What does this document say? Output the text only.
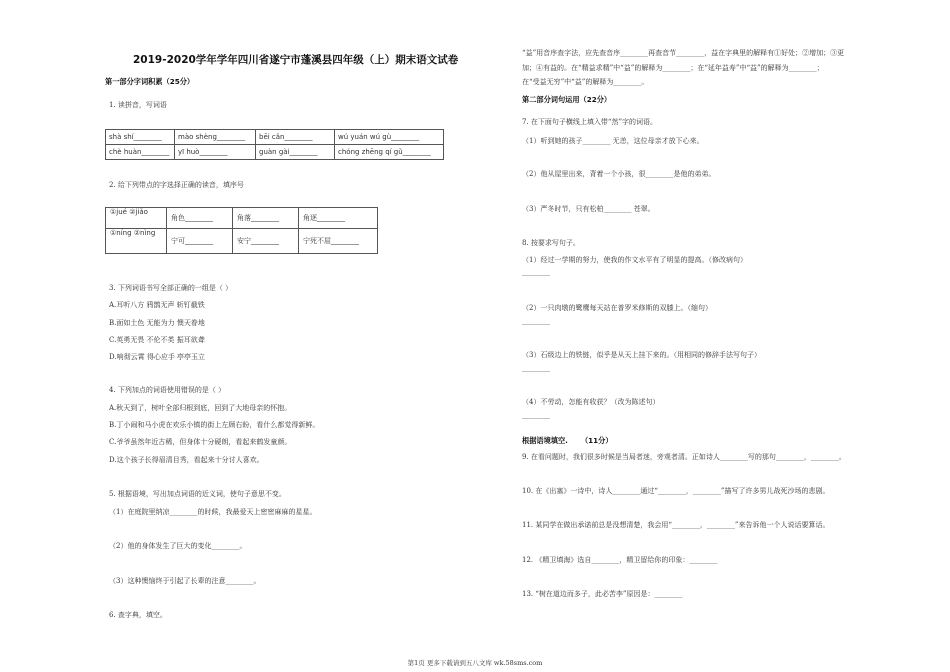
2019-2020学年学年四川省遂宁市蓬溪县四年级（上）期末语文试卷
第一部分字词积累（25分）
1. 读拼音，写词语
shà shí________	mào shèng________	bēi cǎn________	wú yuán wú gù________
chè huàn________	yī huò________	guàn gài________	chóng zhēng qí gǔ________
2. 给下列带点的字选择正确的读音，填序号
①jué ②jiǎo	角色________	角落________	角逐________
①níng ②nìng	宁可________	安宁________	宁死不屈________
3. 下列词语书写全部正确的一组是（ ）
A.耳听八方 鸦鹊无声 斩钉截铁
B.面如土色 无能为力 懊天眷地
C.英勇无畏 不伦不类 振耳欲聋
D.响彻云霄 得心应手 亭亭玉立
4. 下列加点的词语使用错误的是（ ）
A.秋天到了，树叶全部归根到底，回到了大地母亲的怀抱。
B.丁小闹和马小虎在欢乐小镇的街上左顾右盼，看什么都觉得新鲜。
C.爷爷虽然年近古稀，但身体十分硬朗，看起来鹤发童颜。
D.这个孩子长得眉清目秀，看起来十分讨人喜欢。
5. 根据语境，写出加点词语的近义词，使句子意思不变。
（1）在庭院里纳凉________的时候，我最爱天上密密麻麻的星星。
（2）他的身体发生了巨大的变化________。
（3）这种懊恼终于引起了长辈的注意________。
6. 查字典，填空。
“益”用音序查字法，应先查音序________再查音节________，益在字典里的解释有①好处；②增加；③更
加；④有益的。在“精益求精”中“益”的解释为________；在“延年益寿”中“益”的解释为________；
在“受益无穷”中“益”的解释为________。
第二部分词句运用（22分）
7. 在下面句子横线上填入带“然”字的词语。
（1）听到她的孩子________ 无恙，这位母亲才放下心来。
（2）他从屋里出来，背着一个小孩，很________是他的弟弟。
（3）严冬时节，只有松柏________ 苍翠。
8. 按要求写句子。
（1）经过一学期的努力，使我的作文水平有了明显的提高。（修改病句）
________
（2）一只肉墩的鹭鹰每天站在普罗米修斯的双膝上。（缩句）
________
（3）石级边上的铁链，似乎是从天上挂下来的。（用相同的修辞手法写句子）
________
（4）不劳动，怎能有收获？（改为陈述句）
________
根据语境填空. （11分）
9. 在看问题时，我们很多时候是当局者迷，旁观者清。正如诗人________写的那句________，________。
10. 在《出塞》一诗中，诗人________通过“________，________”描写了许多男儿战死沙场的悲剧。
11. 某同学在做出承诺前总是没想清楚，我会用“________，________”来告诉他一个人说话要算话。
12. 《精卫填海》选自________，精卫留给你的印象：________
13. “树在道边而多子，此必苦李”原因是：________
第1页 更多下载请到五八文库 wk.58sms.com
